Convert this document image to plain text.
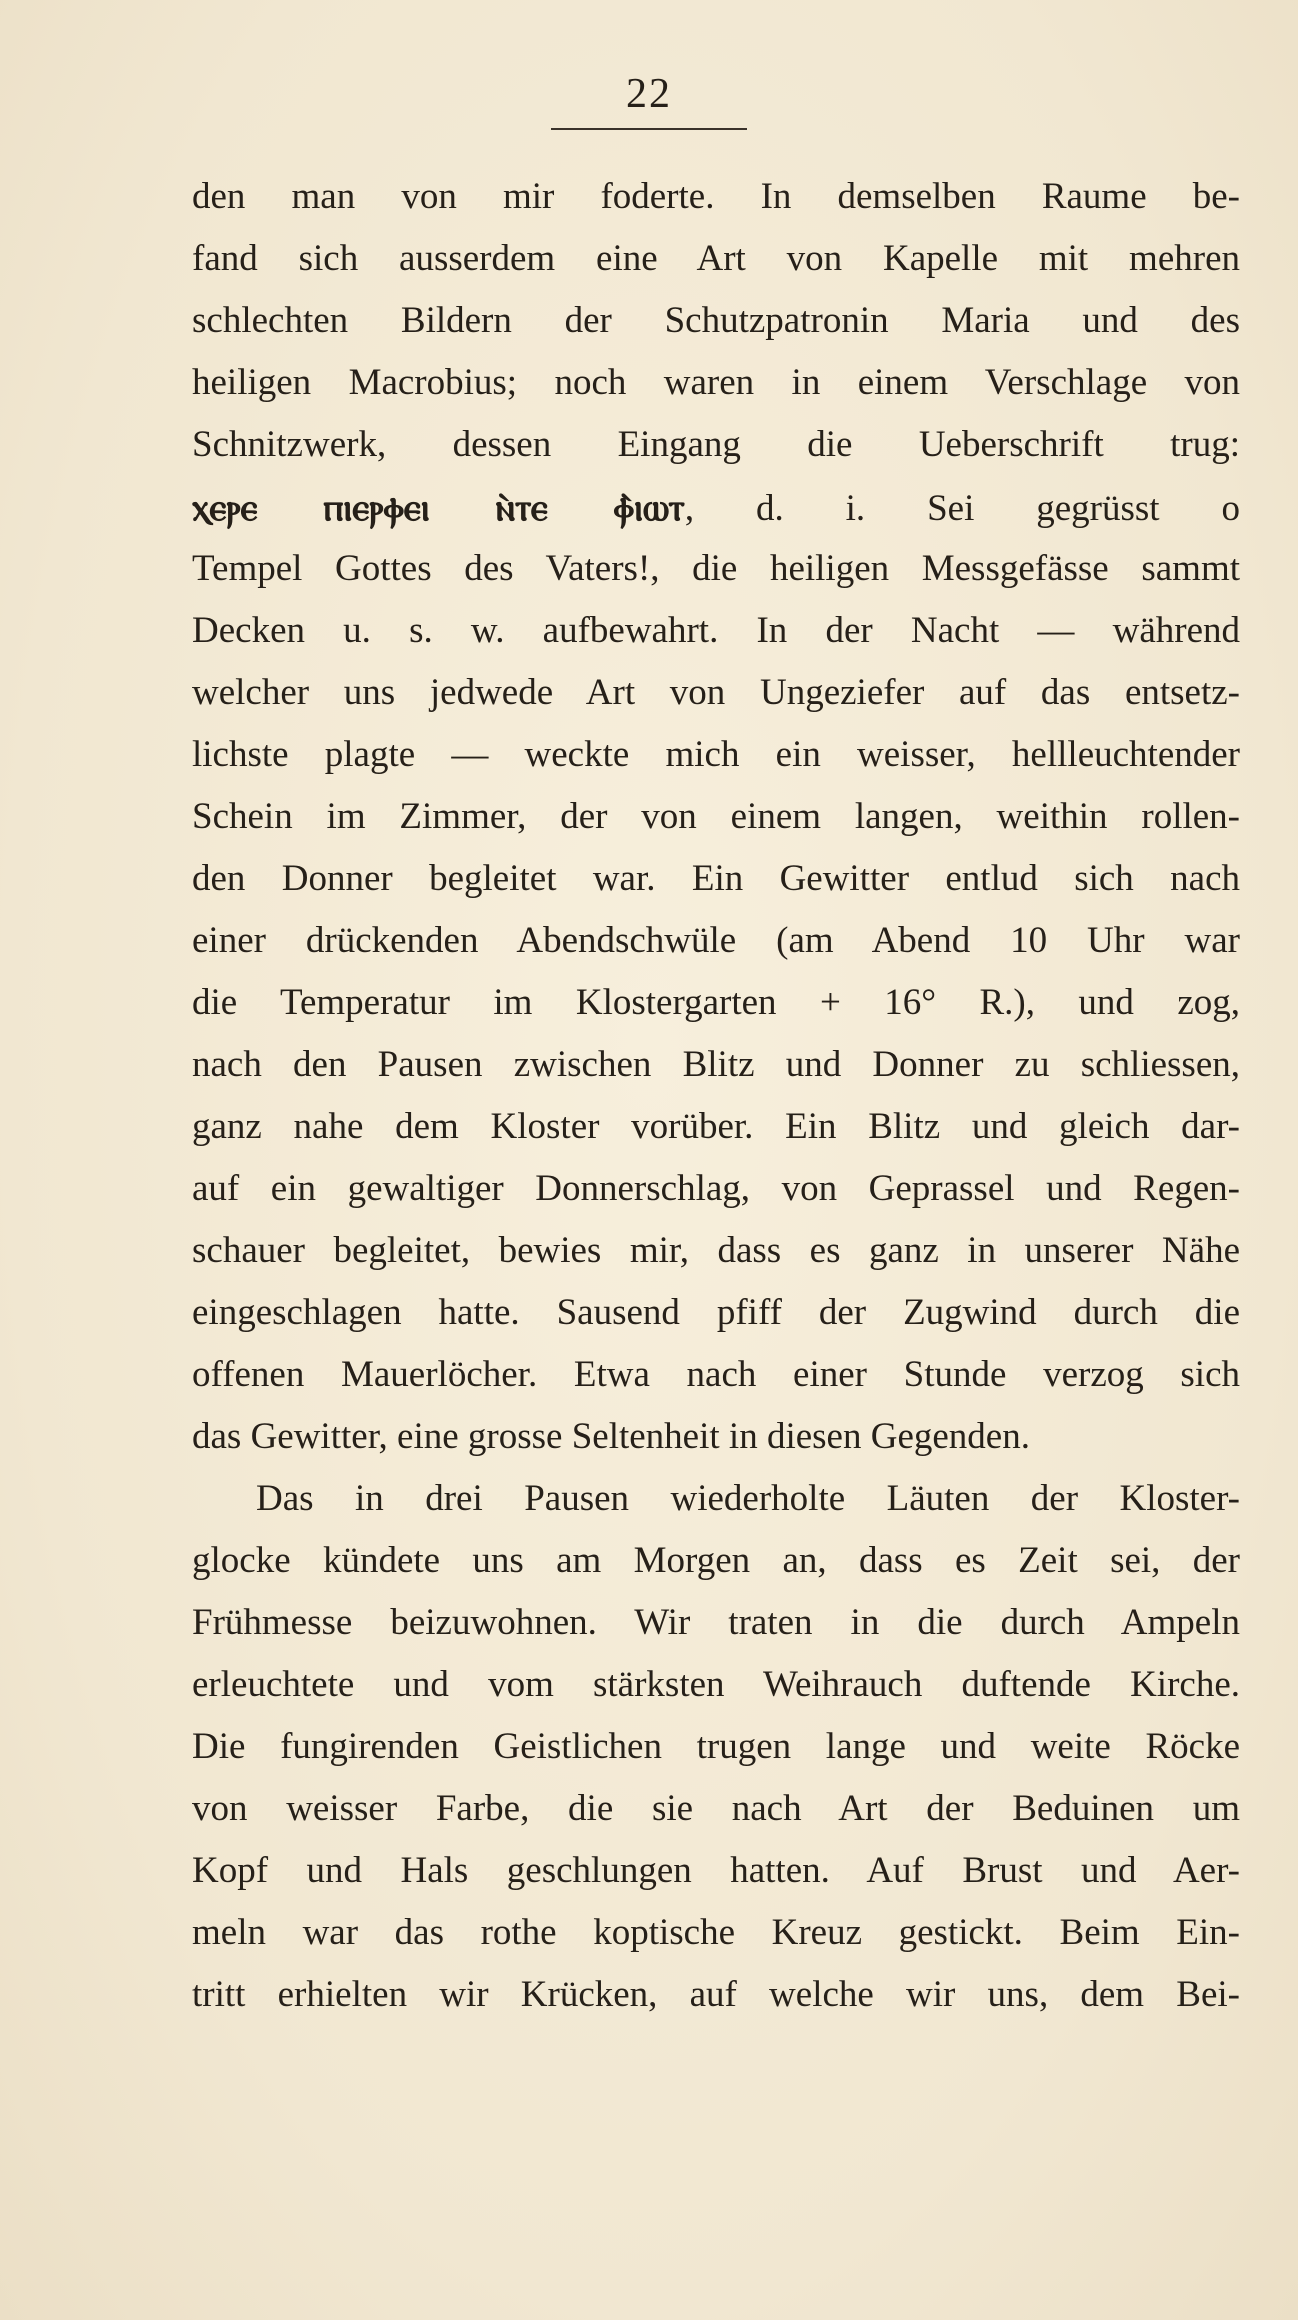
22
den man von mir foderte. In demselben Raume be-
fand sich ausserdem eine Art von Kapelle mit mehren
schlechten Bildern der Schutzpatronin Maria und des
heiligen Macrobius; noch waren in einem Verschlage von
Schnitzwerk, dessen Eingang die Ueberschrift trug:
ⲭⲉⲣⲉ ⲡⲓⲉⲣⲫⲉⲓ ⲛ̀ⲧⲉ ⲫ̀ⲓⲱⲧ, d. i. Sei gegrüsst o
Tempel Gottes des Vaters!, die heiligen Messgefässe sammt
Decken u. s. w. aufbewahrt. In der Nacht — während
welcher uns jedwede Art von Ungeziefer auf das entsetz-
lichste plagte — weckte mich ein weisser, hellleuchtender
Schein im Zimmer, der von einem langen, weithin rollen-
den Donner begleitet war. Ein Gewitter entlud sich nach
einer drückenden Abendschwüle (am Abend 10 Uhr war
die Temperatur im Klostergarten + 16° R.), und zog,
nach den Pausen zwischen Blitz und Donner zu schliessen,
ganz nahe dem Kloster vorüber. Ein Blitz und gleich dar-
auf ein gewaltiger Donnerschlag, von Geprassel und Regen-
schauer begleitet, bewies mir, dass es ganz in unserer Nähe
eingeschlagen hatte. Sausend pfiff der Zugwind durch die
offenen Mauerlöcher. Etwa nach einer Stunde verzog sich
das Gewitter, eine grosse Seltenheit in diesen Gegenden.
Das in drei Pausen wiederholte Läuten der Kloster-
glocke kündete uns am Morgen an, dass es Zeit sei, der
Frühmesse beizuwohnen. Wir traten in die durch Ampeln
erleuchtete und vom stärksten Weihrauch duftende Kirche.
Die fungirenden Geistlichen trugen lange und weite Röcke
von weisser Farbe, die sie nach Art der Beduinen um
Kopf und Hals geschlungen hatten. Auf Brust und Aer-
meln war das rothe koptische Kreuz gestickt. Beim Ein-
tritt erhielten wir Krücken, auf welche wir uns, dem Bei-
